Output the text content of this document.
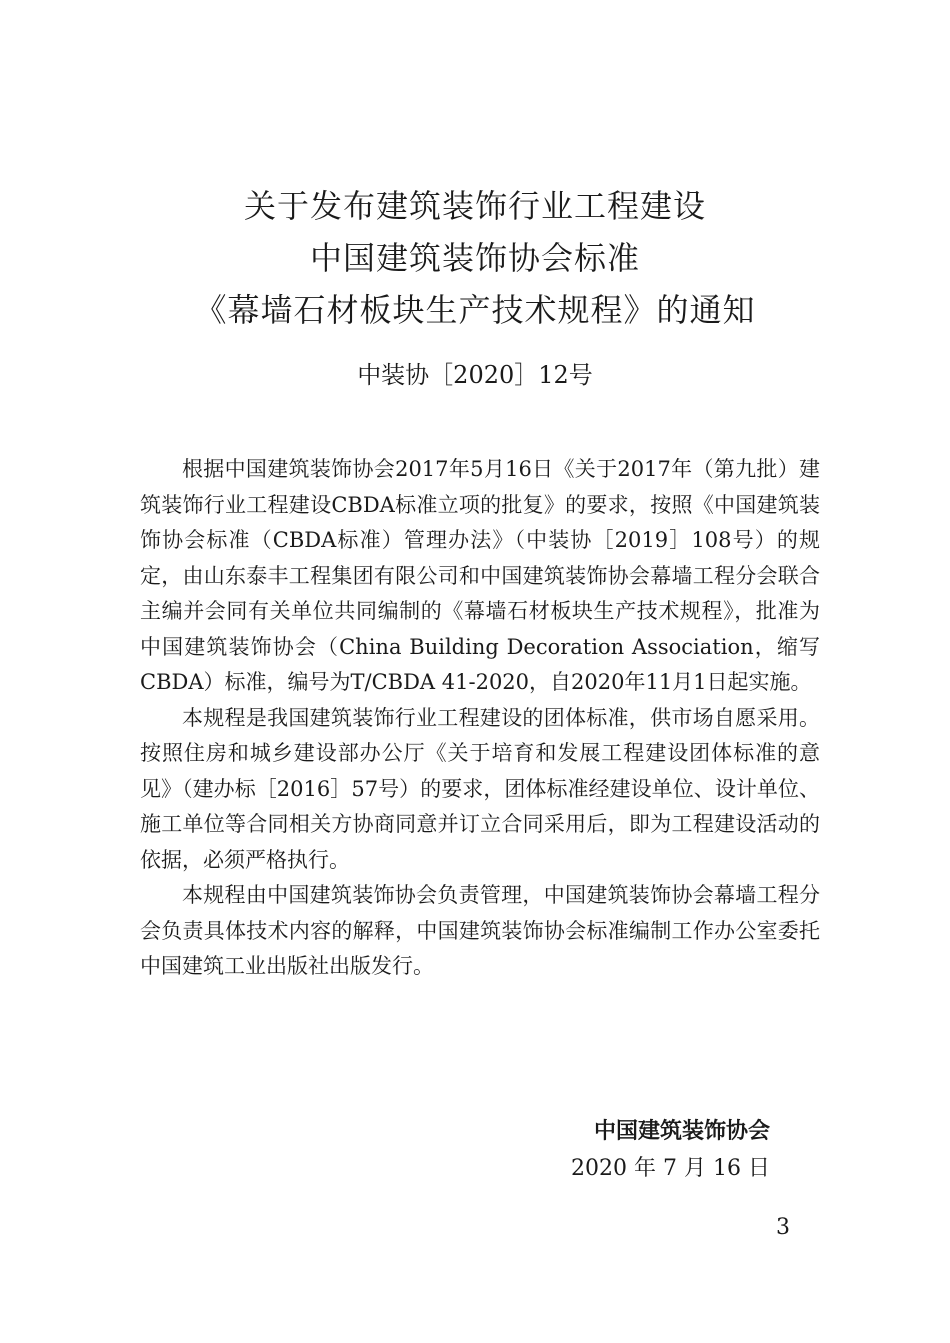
关于发布建筑装饰行业工程建设
中国建筑装饰协会标准
《幕墙石材板块生产技术规程》的通知
中装协［2020］12号

根据中国建筑装饰协会2017年5月16日《关于2017年（第九批）建筑装饰行业工程建设CBDA标准立项的批复》的要求，按照《中国建筑装饰协会标准（CBDA标准）管理办法》（中装协［2019］108号）的规定，由山东泰丰工程集团有限公司和中国建筑装饰协会幕墙工程分会联合主编并会同有关单位共同编制的《幕墙石材板块生产技术规程》，批准为中国建筑装饰协会（China Building Decoration Association，缩写CBDA）标准，编号为T/CBDA 41-2020，自2020年11月1日起实施。

本规程是我国建筑装饰行业工程建设的团体标准，供市场自愿采用。按照住房和城乡建设部办公厅《关于培育和发展工程建设团体标准的意见》（建办标［2016］57号）的要求，团体标准经建设单位、设计单位、施工单位等合同相关方协商同意并订立合同采用后，即为工程建设活动的依据，必须严格执行。

本规程由中国建筑装饰协会负责管理，中国建筑装饰协会幕墙工程分会负责具体技术内容的解释，中国建筑装饰协会标准编制工作办公室委托中国建筑工业出版社出版发行。

中国建筑装饰协会
2020 年 7 月 16 日
3
